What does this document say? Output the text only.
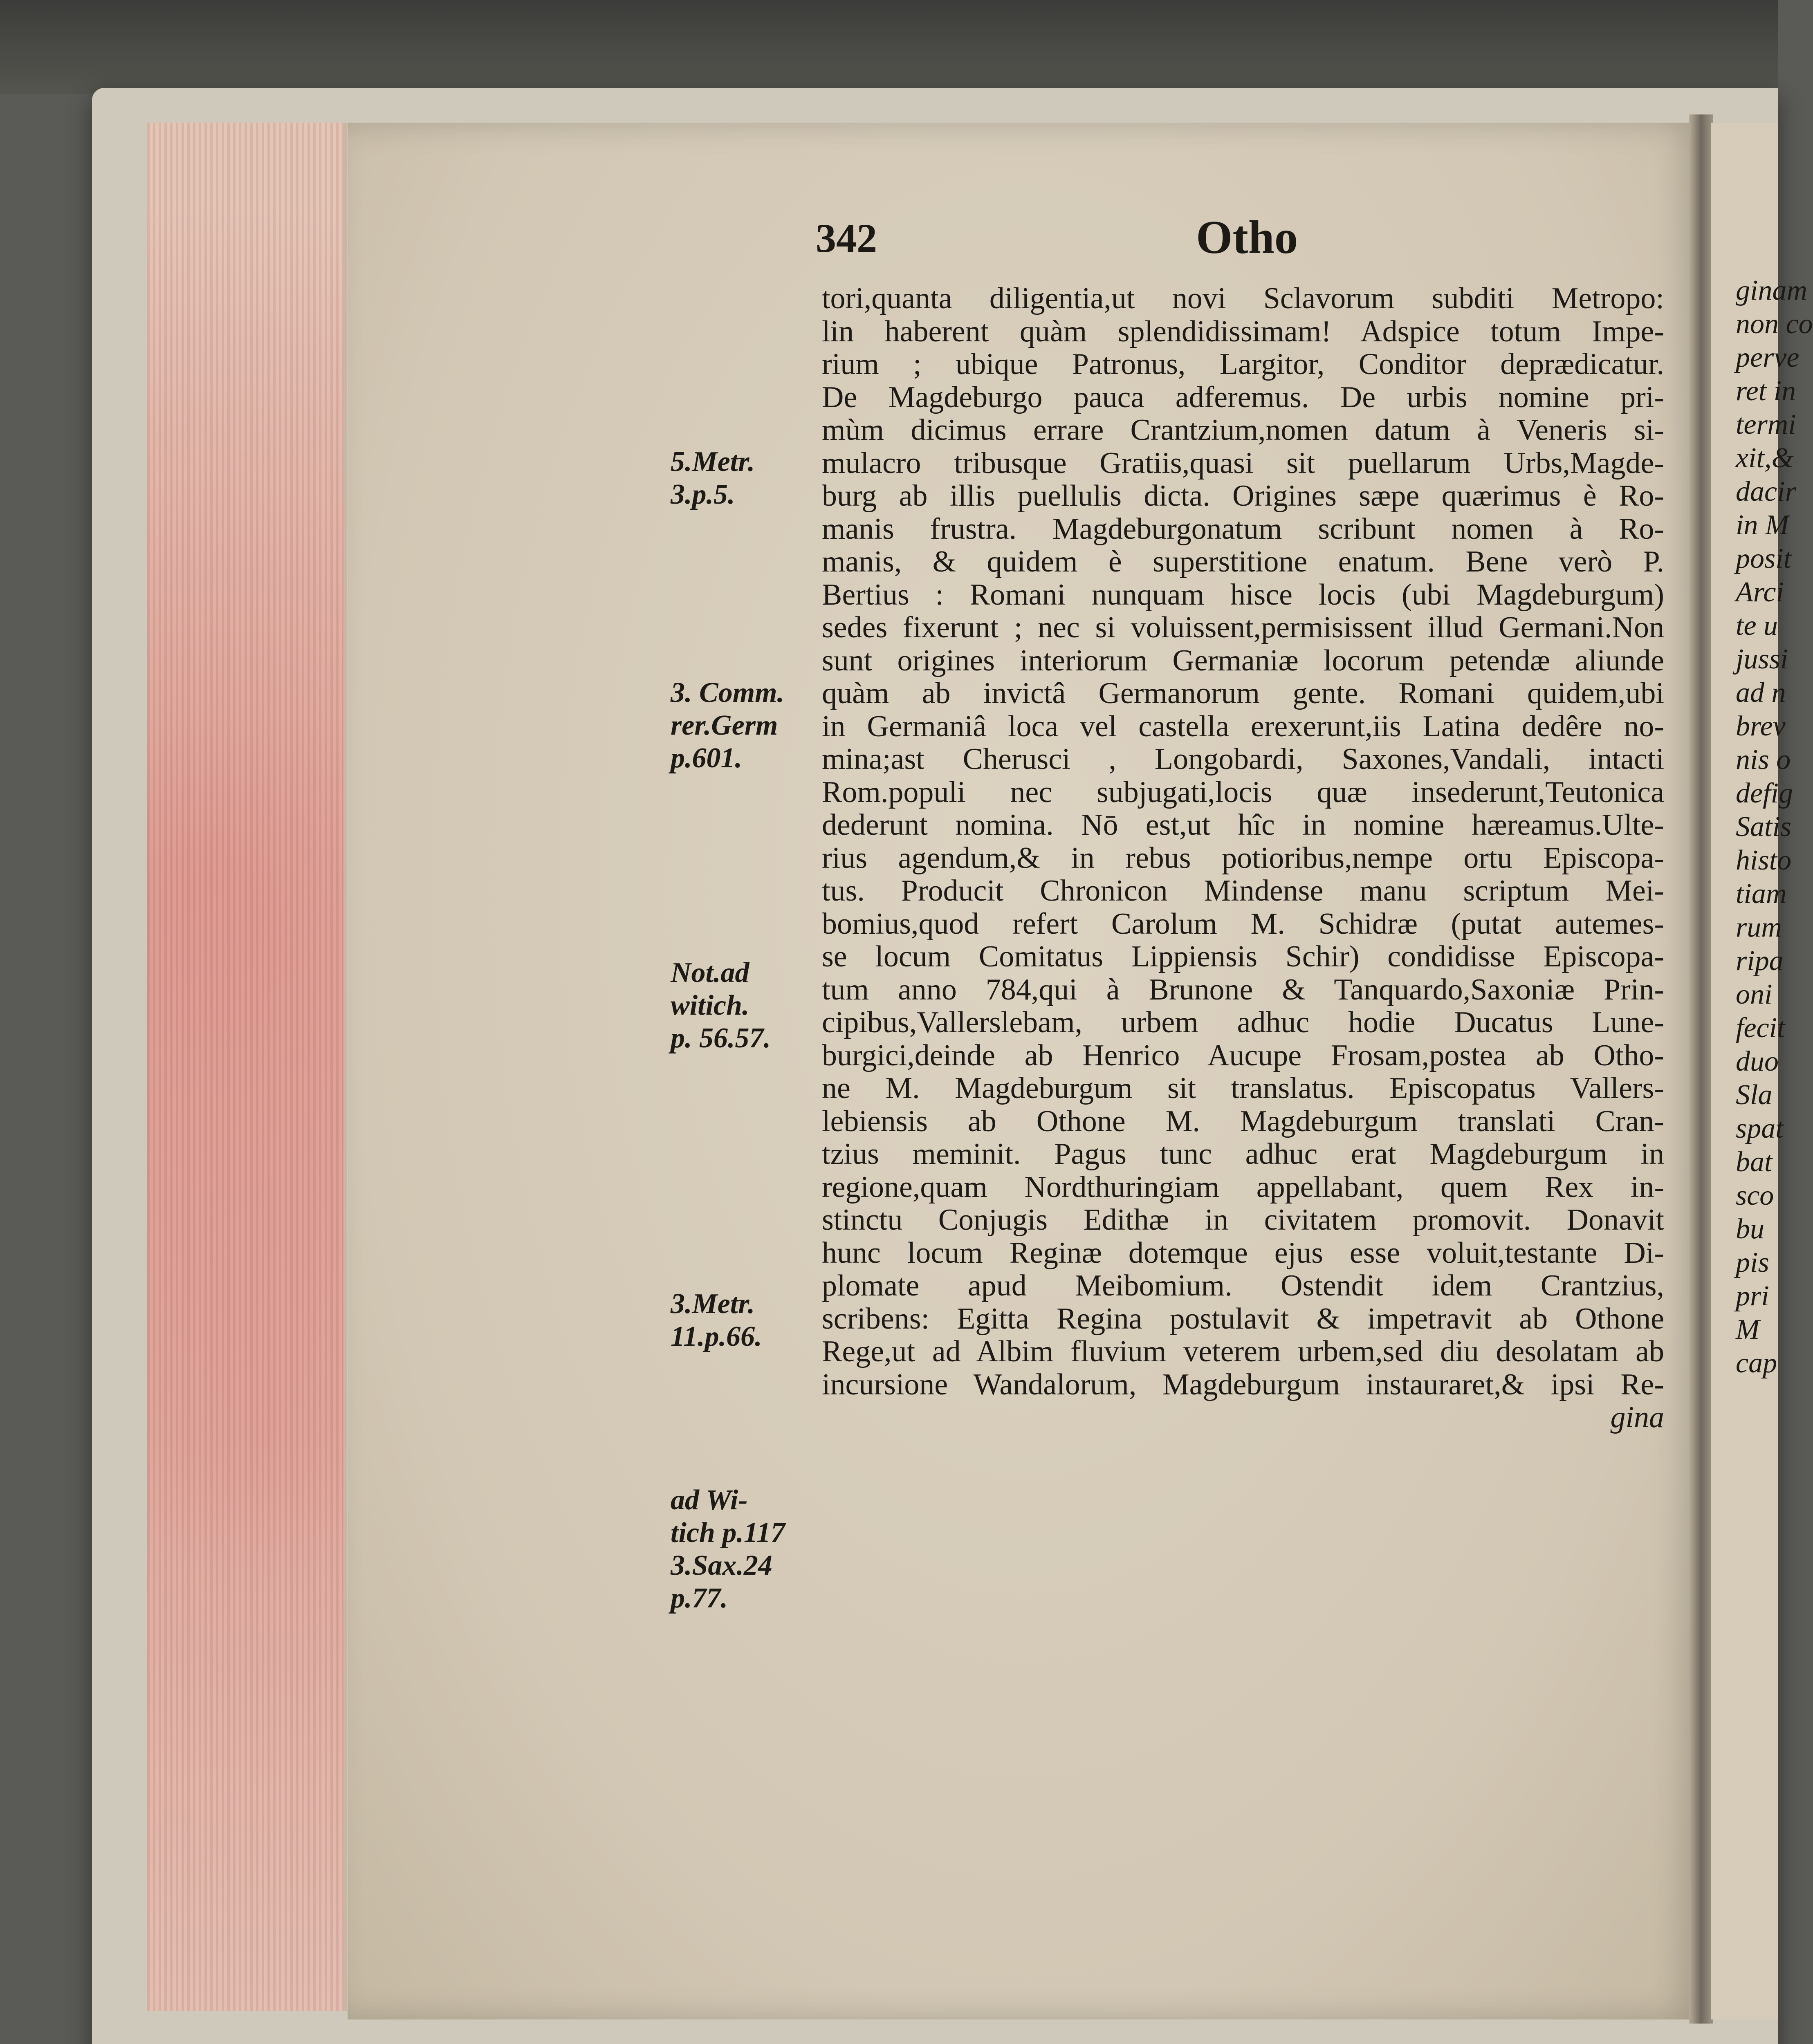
ginam
non co
perve
ret in
termi
xit,&
dacir
in M
posit
Arci
te u
jussi
ad n
brev
nis o
defig
Satis
histo
tiam
rum
ripa
oni
fecit
duo
Sla
spat
bat
sco
bu
pis
pri
M
cap
342	Otho
tori,quanta diligentia,ut novi Sclavorum subditi Metropo:
lin haberent quàm splendidissimam! Adspice totum Impe-
rium ; ubique Patronus, Largitor, Conditor deprædicatur.
De Magdeburgo pauca adferemus. De urbis nomine pri-
mùm dicimus errare Crantzium,nomen datum à Veneris si-
mulacro tribusque Gratiis,quasi sit puellarum Urbs,Magde-
burg ab illis puellulis dicta. Origines sæpe quærimus è Ro-
manis frustra. Magdeburgonatum scribunt nomen à Ro-
manis, & quidem è superstitione enatum. Bene verò P.
Bertius : Romani nunquam hisce locis (ubi Magdeburgum)
sedes fixerunt ; nec si voluissent,permisissent illud Germani.Non
sunt origines interiorum Germaniæ locorum petendæ aliunde
quàm ab invictâ Germanorum gente. Romani quidem,ubi
in Germaniâ loca vel castella erexerunt,iis Latina dedêre no-
mina;ast Cherusci , Longobardi, Saxones,Vandali, intacti
Rom.populi nec subjugati,locis quæ insederunt,Teutonica
dederunt nomina. Nō est,ut hîc in nomine hæreamus.Ulte-
rius agendum,& in rebus potioribus,nempe ortu Episcopa-
tus. Producit Chronicon Mindense manu scriptum Mei-
bomius,quod refert Carolum M. Schidræ (putat autemes-
se locum Comitatus Lippiensis Schir) condidisse Episcopa-
tum anno 784,qui à Brunone & Tanquardo,Saxoniæ Prin-
cipibus,Vallerslebam, urbem adhuc hodie Ducatus Lune-
burgici,deinde ab Henrico Aucupe Frosam,postea ab Otho-
ne M. Magdeburgum sit translatus. Episcopatus Vallers-
lebiensis ab Othone M. Magdeburgum translati Cran-
tzius meminit. Pagus tunc adhuc erat Magdeburgum in
regione,quam Nordthuringiam appellabant, quem Rex in-
stinctu Conjugis Edithæ in civitatem promovit. Donavit
hunc locum Reginæ dotemque ejus esse voluit,testante Di-
plomate apud Meibomium. Ostendit idem Crantzius,
scribens: Egitta Regina postulavit & impetravit ab Othone
Rege,ut ad Albim fluvium veterem urbem,sed diu desolatam ab
incursione Wandalorum, Magdeburgum instauraret,& ipsi Re-
gina
5.Metr.
3.p.5.
3. Comm.
rer.Germ
p.601.
Not.ad
witich.
p. 56.57.
3.Metr.
11.p.66.
ad Wi-
tich p.117
3.Sax.24
p.77.
